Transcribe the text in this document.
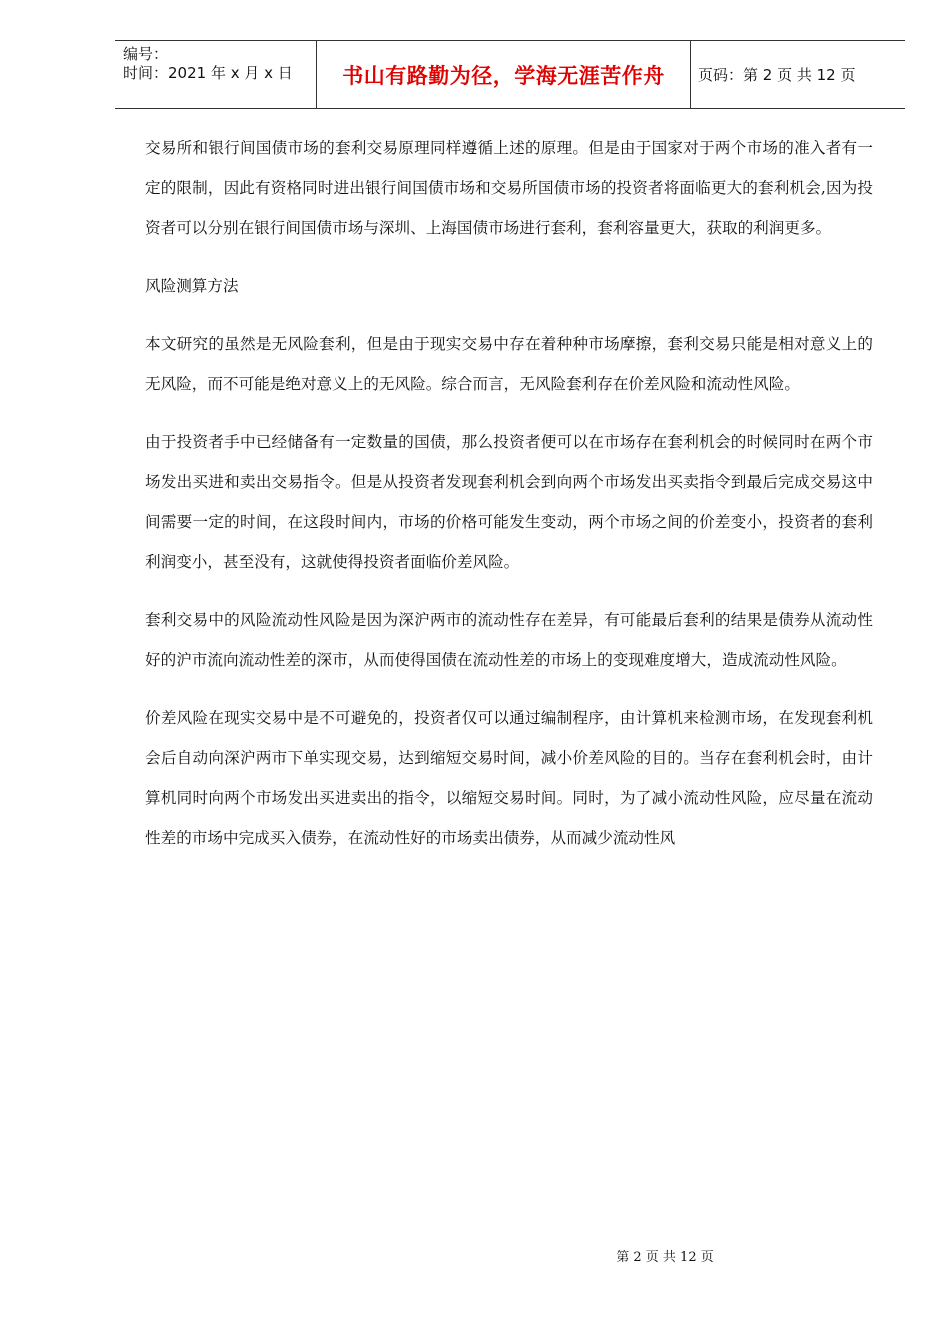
编号：
时间：2021 年 x 月 x 日 书山有路勤为径，学海无涯苦作舟 页码：第 2 页 共 12 页

交易所和银行间国债市场的套利交易原理同样遵循上述的原理。但是由于国家对于两个市场的准入者有一定的限制，因此有资格同时进出银行间国债市场和交易所国债市场的投资者将面临更大的套利机会,因为投资者可以分别在银行间国债市场与深圳、上海国债市场进行套利，套利容量更大，获取的利润更多。

风险测算方法

本文研究的虽然是无风险套利，但是由于现实交易中存在着种种市场摩擦，套利交易只能是相对意义上的无风险，而不可能是绝对意义上的无风险。综合而言，无风险套利存在价差风险和流动性风险。

由于投资者手中已经储备有一定数量的国债，那么投资者便可以在市场存在套利机会的时候同时在两个市场发出买进和卖出交易指令。但是从投资者发现套利机会到向两个市场发出买卖指令到最后完成交易这中间需要一定的时间，在这段时间内，市场的价格可能发生变动，两个市场之间的价差变小，投资者的套利利润变小，甚至没有，这就使得投资者面临价差风险。

套利交易中的风险流动性风险是因为深沪两市的流动性存在差异，有可能最后套利的结果是债券从流动性好的沪市流向流动性差的深市，从而使得国债在流动性差的市场上的变现难度增大，造成流动性风险。

价差风险在现实交易中是不可避免的，投资者仅可以通过编制程序，由计算机来检测市场，在发现套利机会后自动向深沪两市下单实现交易，达到缩短交易时间，减小价差风险的目的。当存在套利机会时，由计算机同时向两个市场发出买进卖出的指令，以缩短交易时间。同时，为了减小流动性风险，应尽量在流动性差的市场中完成买入债券，在流动性好的市场卖出债券，从而减少流动性风

第 2 页 共 12 页
